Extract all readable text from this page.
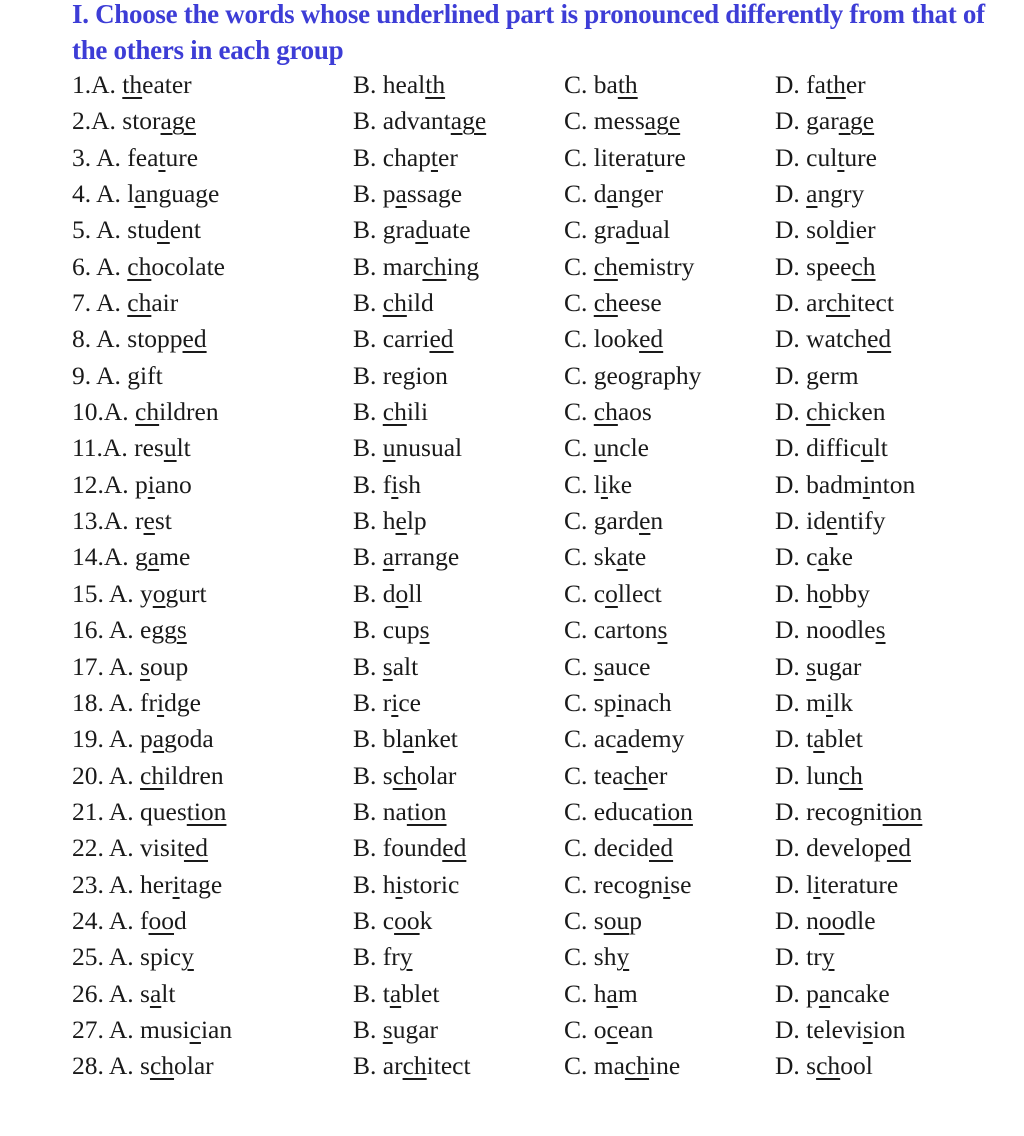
I. Choose the words whose underlined part is pronounced differently from that of the others in each group
1.A. theater	B. health	C. bath	D. father
2.A. storage	B. advantage	C. message	D. garage
3. A. feature	B. chapter	C. literature	D. culture
4. A. language	B. passage	C. danger	D. angry
5. A. student	B. graduate	C. gradual	D. soldier
6. A. chocolate	B. marching	C. chemistry	D. speech
7. A. chair	B. child	C. cheese	D. architect
8. A. stopped	B. carried	C. looked	D. watched
9. A. gift	B. region	C. geography	D. germ
10.A. children	B. chili	C. chaos	D. chicken
11.A. result	B. unusual	C. uncle	D. difficult
12.A. piano	B. fish	C. like	D. badminton
13.A. rest	B. help	C. garden	D. identify
14.A. game	B. arrange	C. skate	D. cake
15. A. yogurt	B. doll	C. collect	D. hobby
16. A. eggs	B. cups	C. cartons	D. noodles
17. A. soup	B. salt	C. sauce	D. sugar
18. A. fridge	B. rice	C. spinach	D. milk
19. A. pagoda	B. blanket	C. academy	D. tablet
20. A. children	B. scholar	C. teacher	D. lunch
21. A. question	B. nation	C. education	D. recognition
22. A. visited	B. founded	C. decided	D. developed
23. A. heritage	B. historic	C. recognise	D. literature
24. A. food	B. cook	C. soup	D. noodle
25. A. spicy	B. fry	C. shy	D. try
26. A. salt	B. tablet	C. ham	D. pancake
27. A. musician	B. sugar	C. ocean	D. television
28. A. scholar	B. architect	C. machine	D. school
